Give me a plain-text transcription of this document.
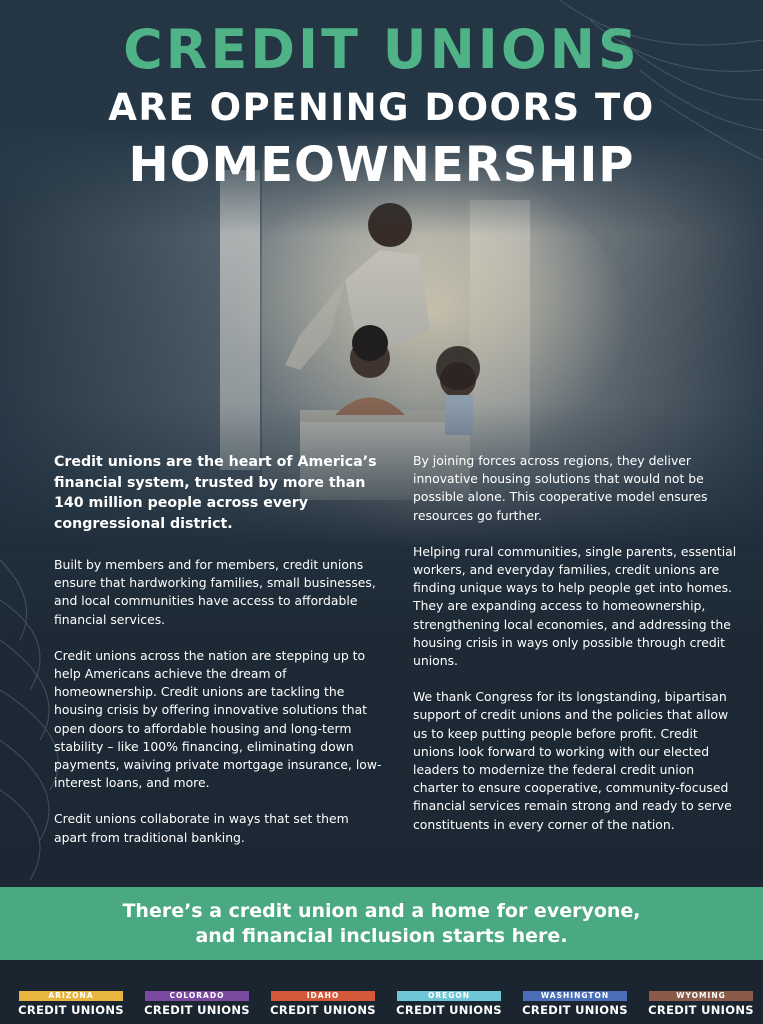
CREDIT UNIONS
ARE OPENING DOORS TO
HOMEOWNERSHIP

Credit unions are the heart of America’s financial system, trusted by more than 140 million people across every congressional district.

Built by members and for members, credit unions ensure that hardworking families, small businesses, and local communities have access to affordable financial services.

Credit unions across the nation are stepping up to help Americans achieve the dream of homeownership. Credit unions are tackling the housing crisis by offering innovative solutions that open doors to affordable housing and long-term stability – like 100% financing, eliminating down payments, waiving private mortgage insurance, low-interest loans, and more.

Credit unions collaborate in ways that set them apart from traditional banking.

By joining forces across regions, they deliver innovative housing solutions that would not be possible alone. This cooperative model ensures resources go further.

Helping rural communities, single parents, essential workers, and everyday families, credit unions are finding unique ways to help people get into homes. They are expanding access to homeownership, strengthening local economies, and addressing the housing crisis in ways only possible through credit unions.

We thank Congress for its longstanding, bipartisan support of credit unions and the policies that allow us to keep putting people before profit. Credit unions look forward to working with our elected leaders to modernize the federal credit union charter to ensure cooperative, community-focused financial services remain strong and ready to serve constituents in every corner of the nation.

There’s a credit union and a home for everyone,
and financial inclusion starts here.
ARIZONA
CREDIT UNIONS
COLORADO
CREDIT UNIONS
IDAHO
CREDIT UNIONS
OREGON
CREDIT UNIONS
WASHINGTON
CREDIT UNIONS
WYOMING
CREDIT UNIONS
